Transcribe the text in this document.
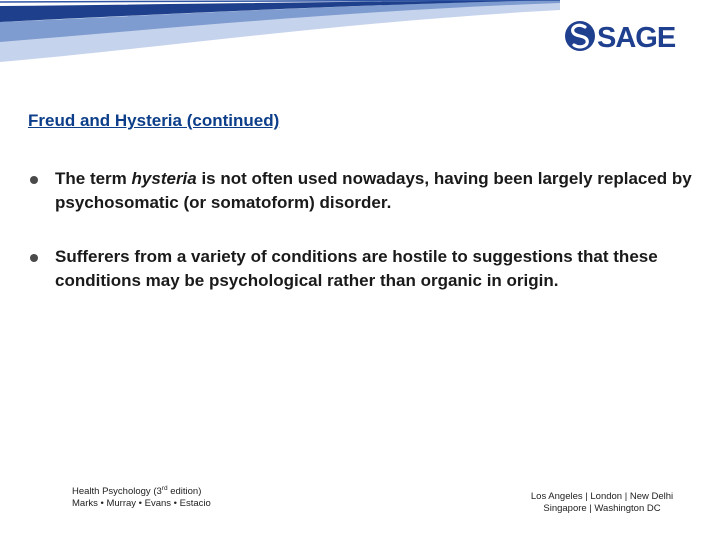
SAGE
Freud and Hysteria (continued)
The term hysteria is not often used nowadays, having been largely replaced by psychosomatic (or somatoform) disorder.
Sufferers from a variety of conditions are hostile to suggestions that these conditions may be psychological rather than organic in origin.
Health Psychology (3rd edition)
Marks • Murray • Evans • Estacio
Los Angeles | London | New Delhi
Singapore | Washington DC
